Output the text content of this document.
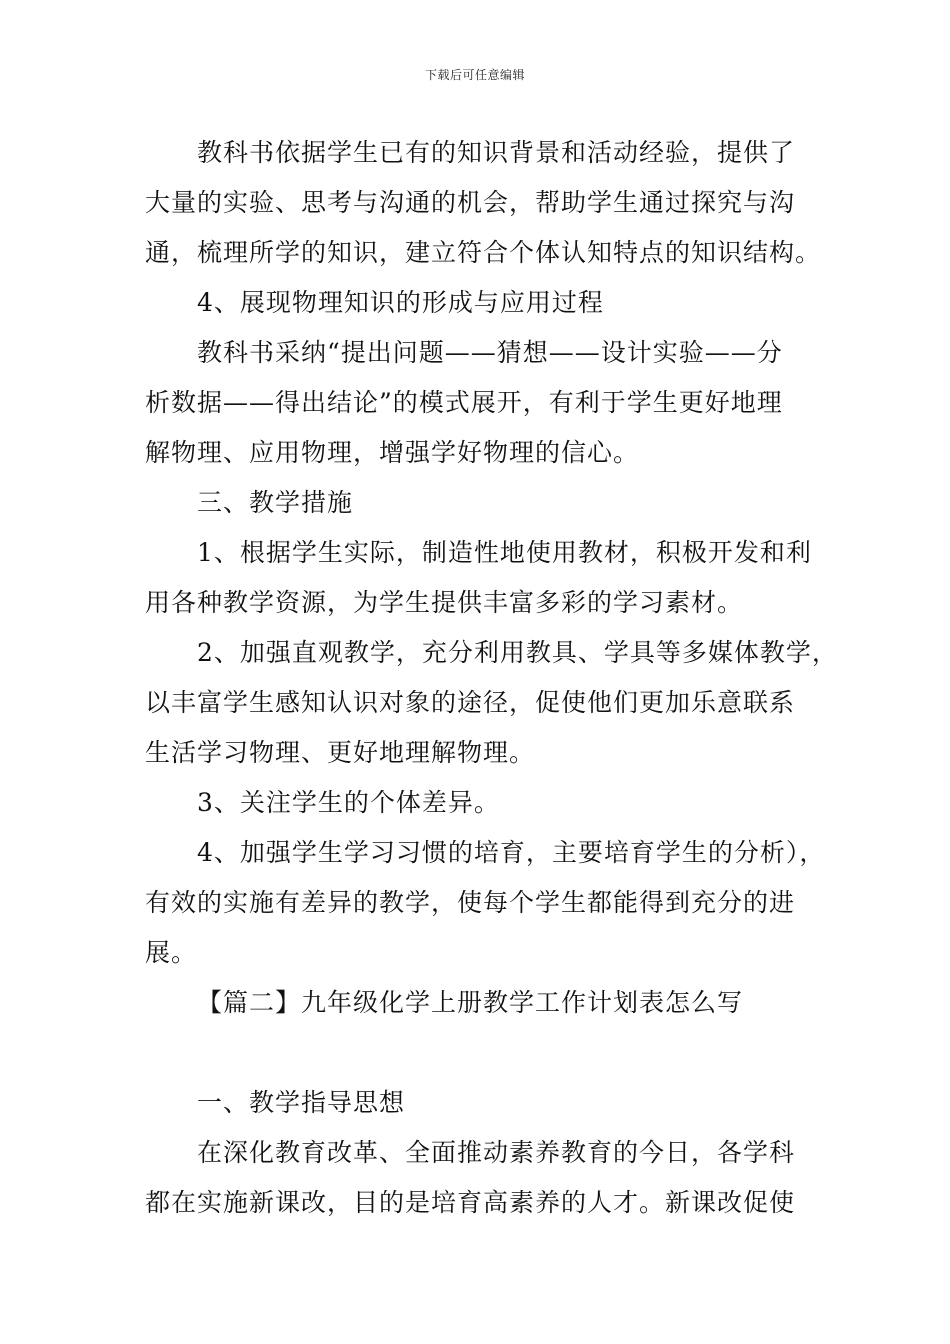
下载后可任意编辑
教科书依据学生已有的知识背景和活动经验，提供了
大量的实验、思考与沟通的机会，帮助学生通过探究与沟
通，梳理所学的知识，建立符合个体认知特点的知识结构。
4、展现物理知识的形成与应用过程
教科书采纳“提出问题——猜想——设计实验——分
析数据——得出结论”的模式展开，有利于学生更好地理
解物理、应用物理，增强学好物理的信心。
三、教学措施
1、根据学生实际，制造性地使用教材，积极开发和利
用各种教学资源，为学生提供丰富多彩的学习素材。
2、加强直观教学，充分利用教具、学具等多媒体教学，
以丰富学生感知认识对象的途径，促使他们更加乐意联系
生活学习物理、更好地理解物理。
3、关注学生的个体差异。
4、加强学生学习习惯的培育，主要培育学生的分析），
有效的实施有差异的教学，使每个学生都能得到充分的进
展。
【篇二】九年级化学上册教学工作计划表怎么写
一、教学指导思想
在深化教育改革、全面推动素养教育的今日，各学科
都在实施新课改，目的是培育高素养的人才。新课改促使
